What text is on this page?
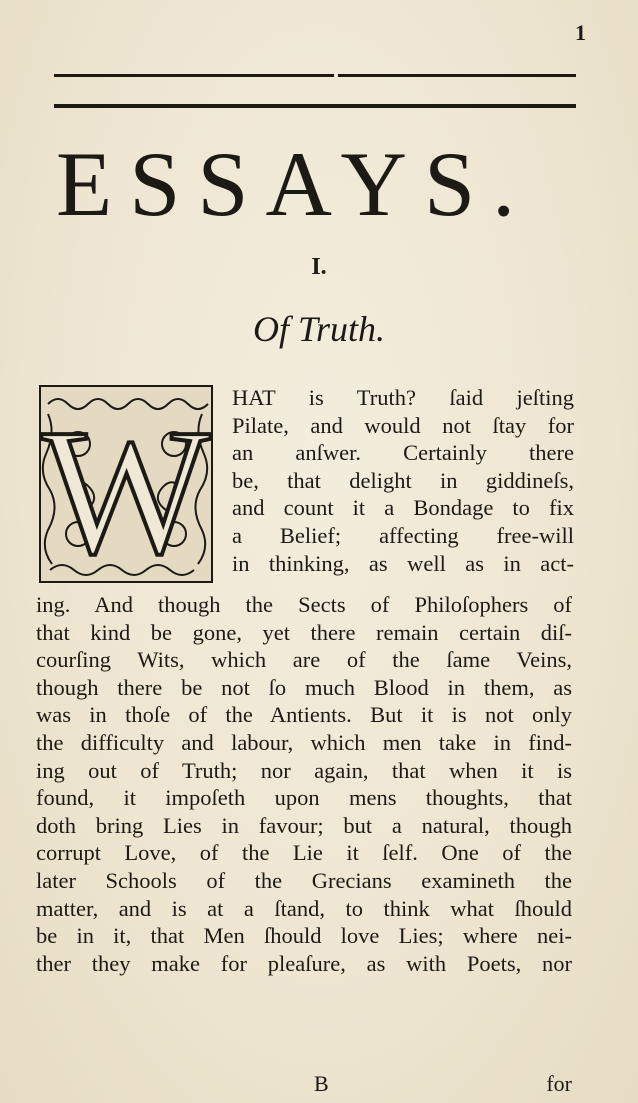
1
ESSAYS.
I.
Of Truth.
W HAT is Truth? ſaid jeſting
Pilate, and would not ſtay for
an anſwer. Certainly there
be, that delight in giddineſs,
and count it a Bondage to fix
a Belief; affecting free-will
in thinking, as well as in act-
ing. And though the Sects of Philoſophers of
that kind be gone, yet there remain certain diſ-
courſing Wits, which are of the ſame Veins,
though there be not ſo much Blood in them, as
was in thoſe of the Antients. But it is not only
the difficulty and labour, which men take in find-
ing out of Truth; nor again, that when it is
found, it impoſeth upon mens thoughts, that
doth bring Lies in favour; but a natural, though
corrupt Love, of the Lie it ſelf. One of the
later Schools of the Grecians examineth the
matter, and is at a ſtand, to think what ſhould
be in it, that Men ſhould love Lies; where nei-
ther they make for pleaſure, as with Poets, nor
B	for
